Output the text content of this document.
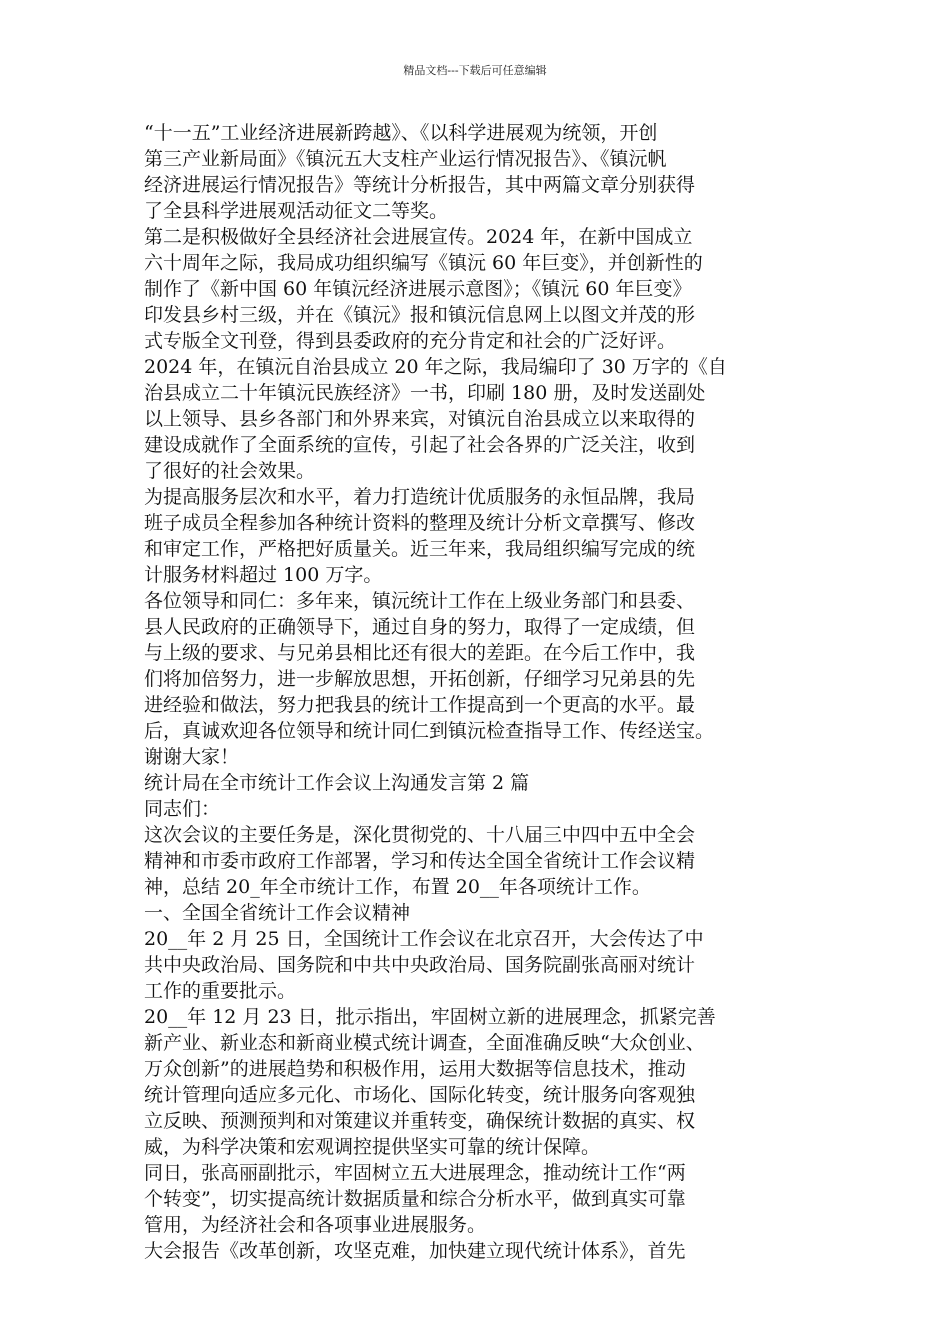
精品文档---下载后可任意编辑
“十一五”工业经济进展新跨越》、《以科学进展观为统领，开创
第三产业新局面》《镇沅五大支柱产业运行情况报告》、《镇沅帆
经济进展运行情况报告》等统计分析报告，其中两篇文章分别获得
了全县科学进展观活动征文二等奖。
第二是积极做好全县经济社会进展宣传。2024 年，在新中国成立
六十周年之际，我局成功组织编写《镇沅 60 年巨变》，并创新性的
制作了《新中国 60 年镇沅经济进展示意图》；《镇沅 60 年巨变》
印发县乡村三级，并在《镇沅》报和镇沅信息网上以图文并茂的形
式专版全文刊登，得到县委政府的充分肯定和社会的广泛好评。
2024 年，在镇沅自治县成立 20 年之际，我局编印了 30 万字的《自
治县成立二十年镇沅民族经济》一书，印刷 180 册，及时发送副处
以上领导、县乡各部门和外界来宾，对镇沅自治县成立以来取得的
建设成就作了全面系统的宣传，引起了社会各界的广泛关注，收到
了很好的社会效果。
为提高服务层次和水平，着力打造统计优质服务的永恒品牌，我局
班子成员全程参加各种统计资料的整理及统计分析文章撰写、修改
和审定工作，严格把好质量关。近三年来，我局组织编写完成的统
计服务材料超过 100 万字。
各位领导和同仁：多年来，镇沅统计工作在上级业务部门和县委、
县人民政府的正确领导下，通过自身的努力，取得了一定成绩，但
与上级的要求、与兄弟县相比还有很大的差距。在今后工作中，我
们将加倍努力，进一步解放思想，开拓创新，仔细学习兄弟县的先
进经验和做法，努力把我县的统计工作提高到一个更高的水平。最
后，真诚欢迎各位领导和统计同仁到镇沅检查指导工作、传经送宝。
谢谢大家！
统计局在全市统计工作会议上沟通发言第 2 篇
同志们：
这次会议的主要任务是，深化贯彻党的、十八届三中四中五中全会
精神和市委市政府工作部署，学习和传达全国全省统计工作会议精
神，总结 20_年全市统计工作，布置 20__年各项统计工作。
一、全国全省统计工作会议精神
20__年 2 月 25 日，全国统计工作会议在北京召开，大会传达了中
共中央政治局、国务院和中共中央政治局、国务院副张高丽对统计
工作的重要批示。
20__年 12 月 23 日，批示指出，牢固树立新的进展理念，抓紧完善
新产业、新业态和新商业模式统计调查，全面准确反映“大众创业、
万众创新”的进展趋势和积极作用，运用大数据等信息技术，推动
统计管理向适应多元化、市场化、国际化转变，统计服务向客观独
立反映、预测预判和对策建议并重转变，确保统计数据的真实、权
威，为科学决策和宏观调控提供坚实可靠的统计保障。
同日，张高丽副批示，牢固树立五大进展理念，推动统计工作“两
个转变”，切实提高统计数据质量和综合分析水平，做到真实可靠
管用，为经济社会和各项事业进展服务。
大会报告《改革创新，攻坚克难，加快建立现代统计体系》，首先
